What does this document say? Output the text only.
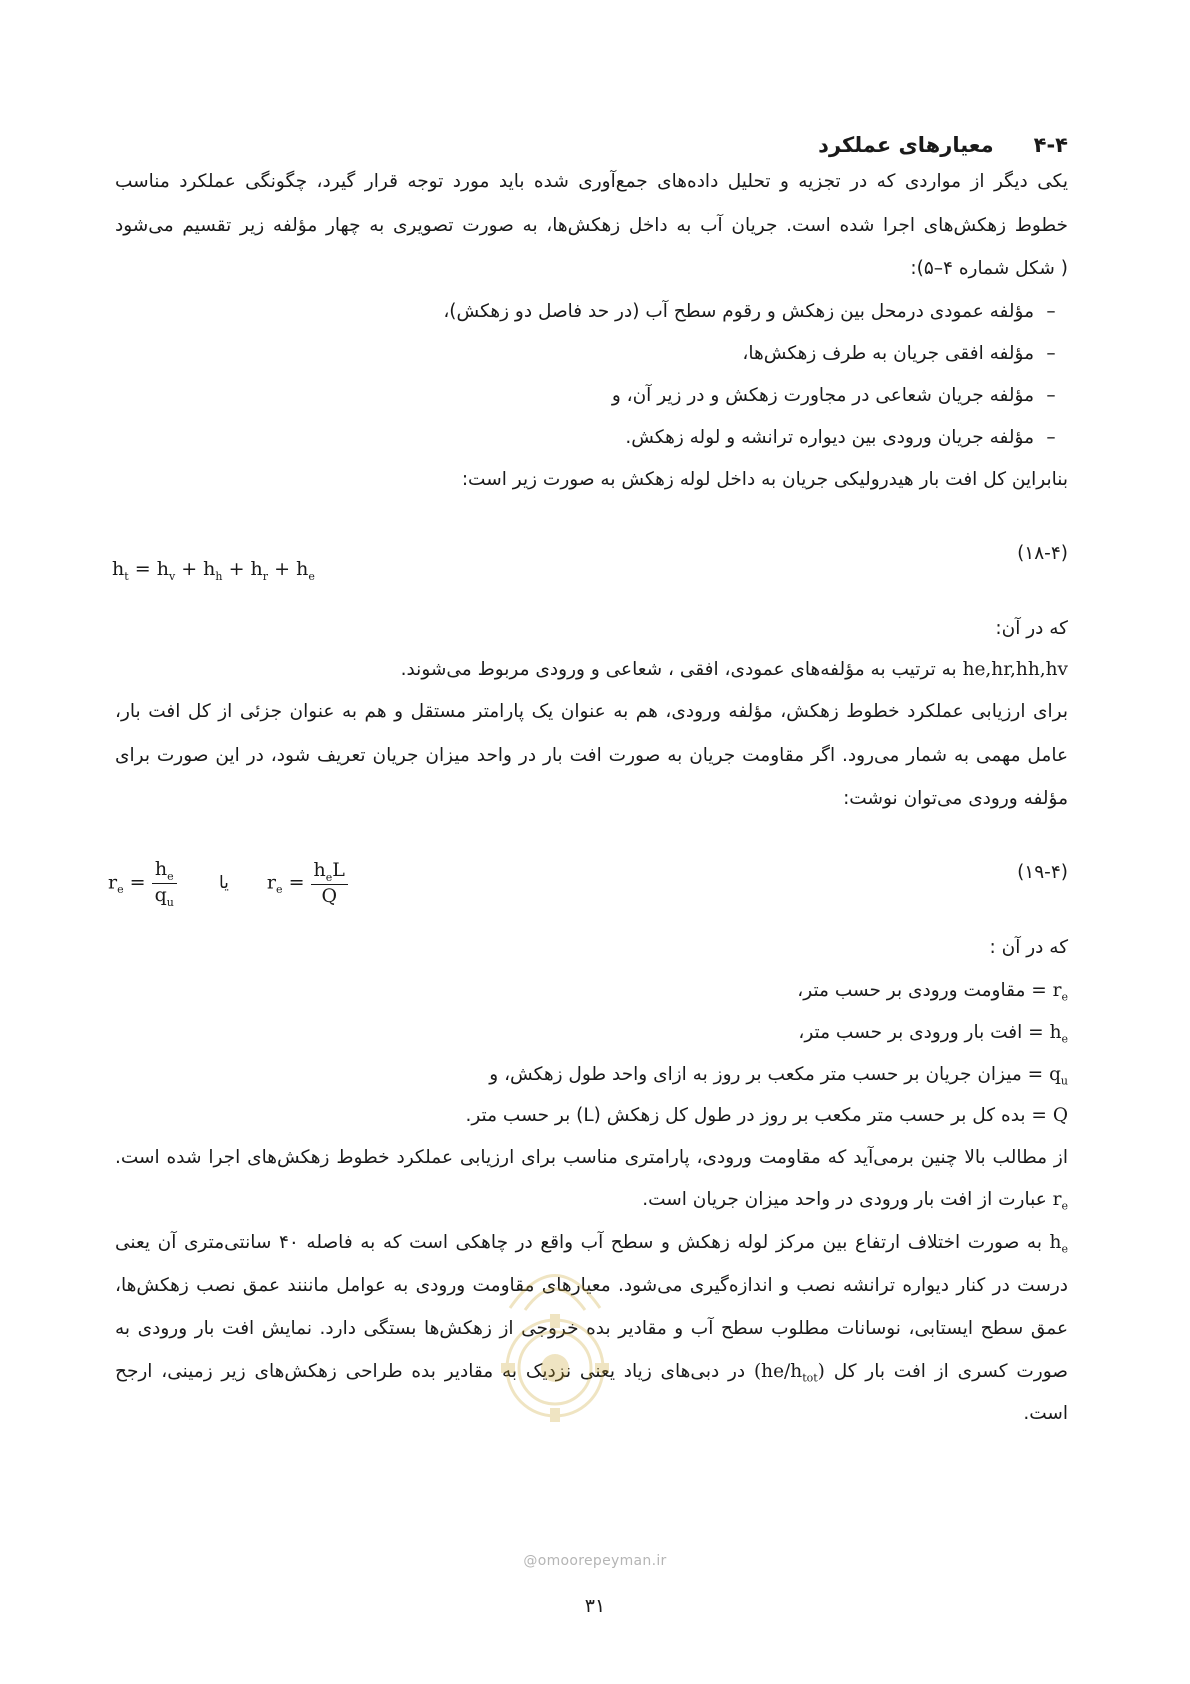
۴-۴معیارهای عملکرد
یکی دیگر از مواردی که در تجزیه و تحلیل داده‌های جمع‌آوری شده باید مورد توجه قرار گیرد، چگونگی عملکرد مناسب
خطوط زهکش‌های اجرا شده است. جریان آب به داخل زهکش‌ها، به صورت تصویری به چهار مؤلفه زیر تقسیم می‌شود
( شکل شماره ۴–۵):
–مؤلفه عمودی درمحل بین زهکش و رقوم سطح آب (در حد فاصل دو زهکش)،
–مؤلفه افقی جریان به طرف زهکش‌ها،
–مؤلفه جریان شعاعی در مجاورت زهکش و در زیر آن، و
–مؤلفه جریان ورودی بین دیواره ترانشه و لوله زهکش.
بنابراین کل افت بار هیدرولیکی جریان به داخل لوله زهکش به صورت زیر است:
(۱۸-۴)
$h_t = h_v + h_h + h_r + h_e$
که در آن:
he,hr,hh,hv به ترتیب به مؤلفه‌های عمودی، افقی ، شعاعی و ورودی مربوط می‌شوند.
برای ارزیابی عملکرد خطوط زهکش، مؤلفه ورودی، هم به عنوان یک پارامتر مستقل و هم به عنوان جزئی از کل افت بار،
عامل مهمی به شمار می‌رود. اگر مقاومت جریان به صورت افت بار در واحد میزان جریان تعریف شود، در این صورت برای
مؤلفه ورودی می‌توان نوشت:
(۱۹-۴)
$r_e = \frac{h_e}{q_u}$ یا $r_e = \frac{h_eL}{Q}$
که در آن :
$r_e$ = مقاومت ورودی بر حسب متر،
$h_e$ = افت بار ورودی بر حسب متر،
$q_u$ = میزان جریان بر حسب متر مکعب بر روز به ازای واحد طول زهکش، و
Q = بده کل بر حسب متر مکعب بر روز در طول کل زهکش (L) بر حسب متر.
از مطالب بالا چنین برمی‌آید که مقاومت ورودی، پارامتری مناسب برای ارزیابی عملکرد خطوط زهکش‌های اجرا شده است.
$r_e$ عبارت از افت بار ورودی در واحد میزان جریان است.
$h_e$ به صورت اختلاف ارتفاع بین مرکز لوله زهکش و سطح آب واقع در چاهکی است که به فاصله ۴۰ سانتی‌متری آن یعنی
درست در کنار دیواره ترانشه نصب و اندازه‌گیری می‌شود. معیارهای مقاومت ورودی به عوامل ماننند عمق نصب زهکش‌ها،
عمق سطح ایستابی، نوسانات مطلوب سطح آب و مقادیر بده خروجی از زهکش‌ها بستگی دارد. نمایش افت بار ورودی به
صورت کسری از افت بار کل $(he/h_{tot})$ در دبی‌های زیاد یعنی نزدیک به مقادیر بده طراحی زهکش‌های زیر زمینی، ارجح
است.
@omoorepeyman.ir
۳۱
